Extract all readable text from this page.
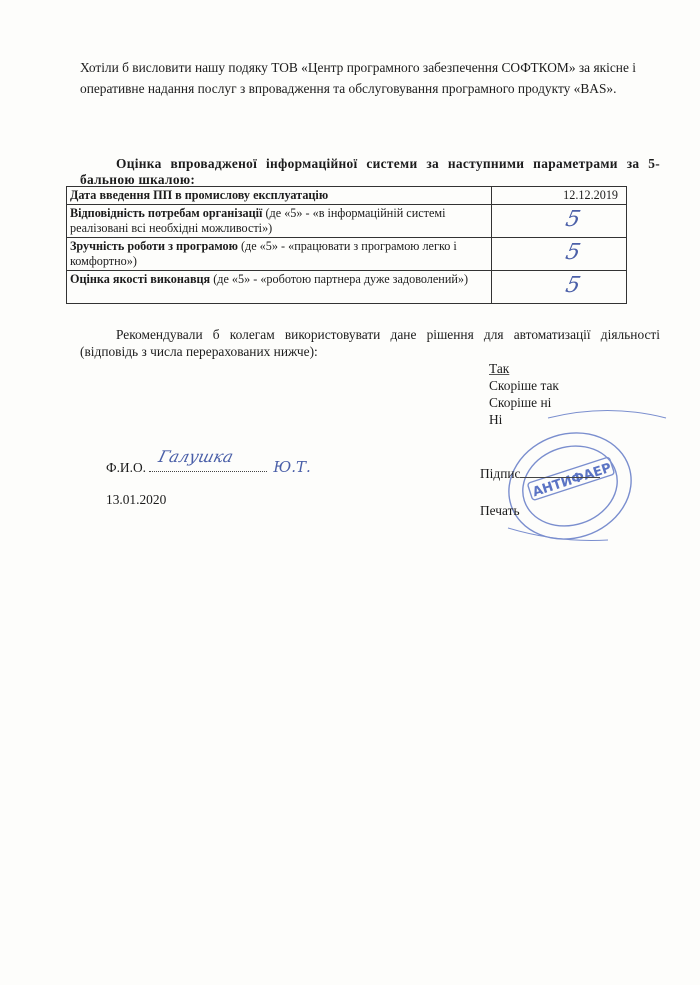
Хотіли б висловити нашу подяку ТОВ «Центр програмного забезпечення СОФТКОМ» за якісне і оперативне надання послуг з впровадження та обслуговування програмного продукту «BAS».
Оцінка впровадженої інформаційної системи за наступними параметрами за 5-бальною шкалою:
Дата введення ПП в промислову експлуатацію	12.12.2019
Відповідність потребам організації (де «5» - «в інформаційній системі реалізовані всі необхідні можливості»)	5
Зручність роботи з програмою (де «5» - «працювати з програмою легко і комфортно»)	5
Оцінка якості виконавця (де «5» - «роботою партнера дуже задоволений»)	5
Рекомендували б колегам використовувати дане рішення для автоматизації діяльності (відповідь з числа перерахованих нижче):
Так
Скоріше так
Скоріше ні
Ні
АНТИФАЕР
Ф.И.О.
Галушка
Ю.Т.
13.01.2020
Підпис
Печать
